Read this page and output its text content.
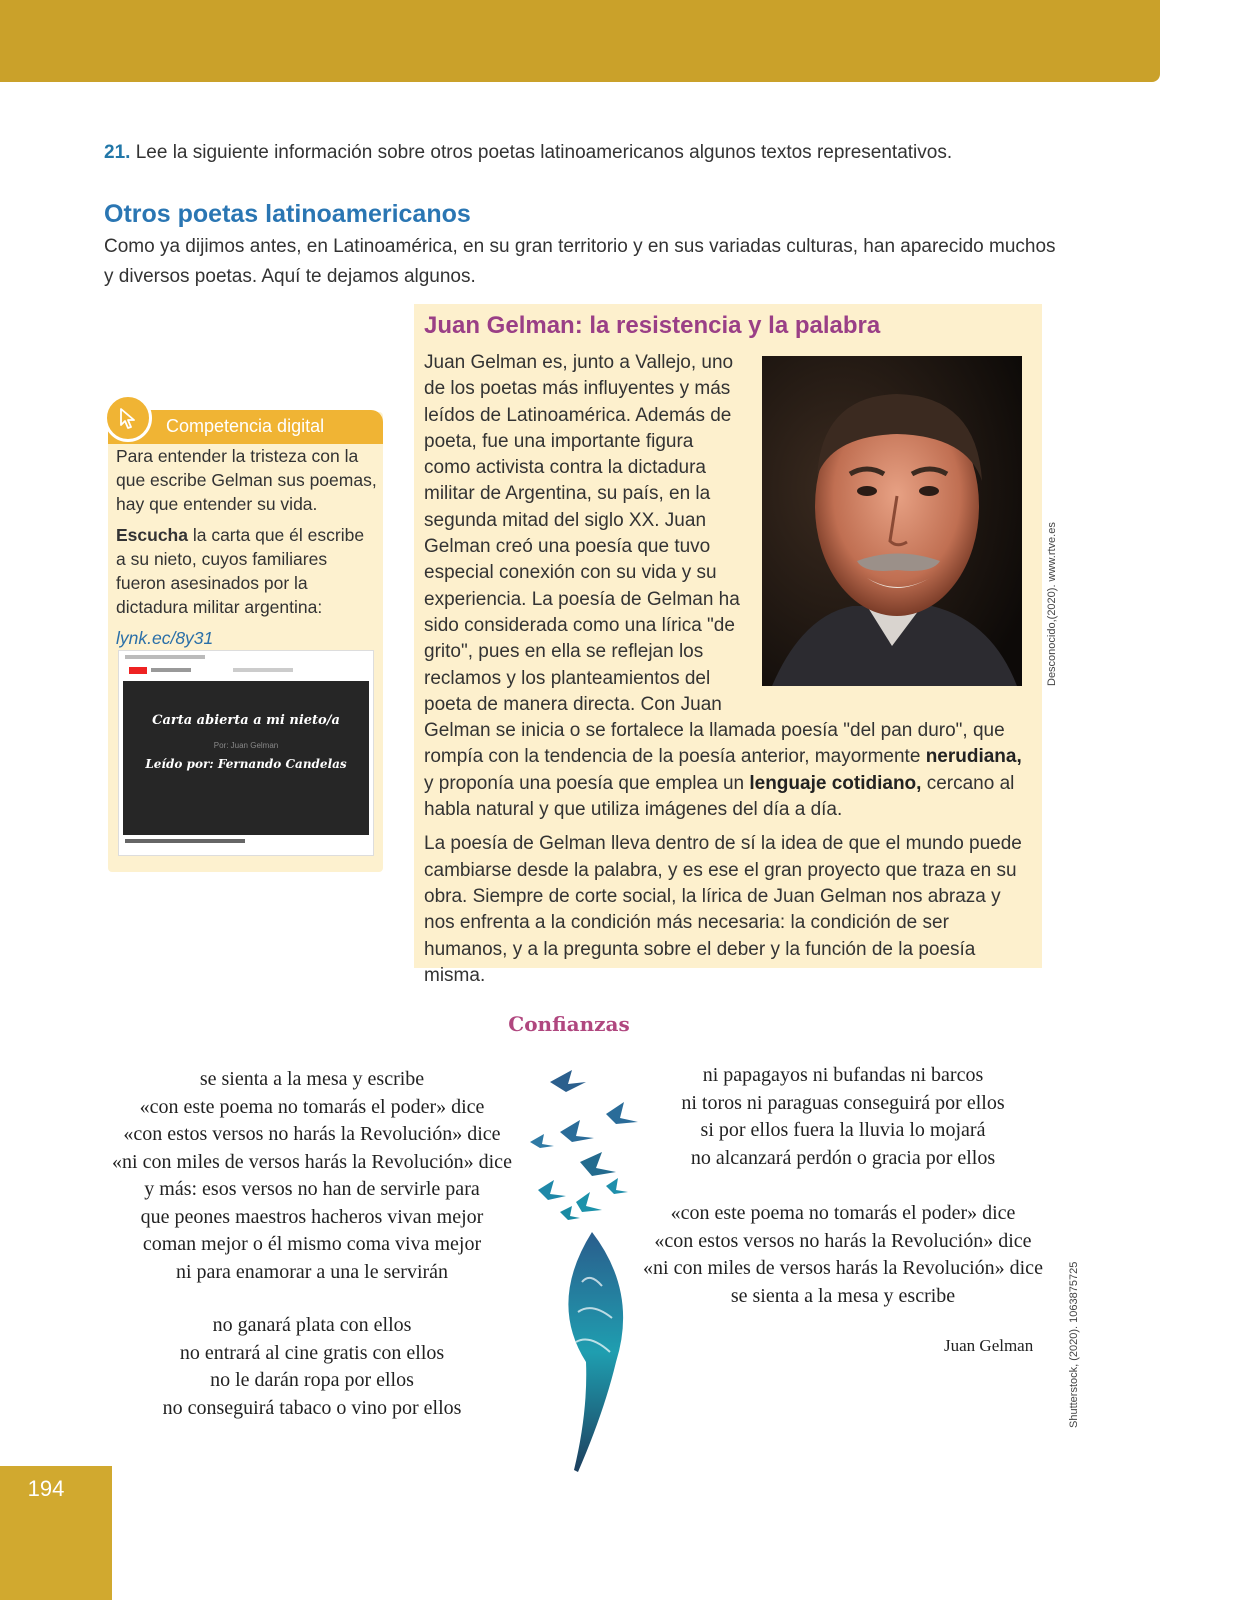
21. Lee la siguiente información sobre otros poetas latinoamericanos algunos textos representativos.
Otros poetas latinoamericanos
Como ya dijimos antes, en Latinoamérica, en su gran territorio y en sus variadas culturas, han aparecido muchos y diversos poetas. Aquí te dejamos algunos.
Competencia digital

Para entender la tristeza con la que escribe Gelman sus poemas, hay que entender su vida.

Escucha la carta que él escribe a su nieto, cuyos familiares fueron asesinados por la dictadura militar argentina:

lynk.ec/8y31

Carta abierta a mi nieto/a
Por: Juan Gelman
Leído por: Fernando Candelas
Juan Gelman: la resistencia y la palabra
Desconocido,(2020). www.rtve.es

Juan Gelman es, junto a Vallejo, uno de los poetas más influyentes y más leídos de Latinoamérica. Además de poeta, fue una importante figura como activista contra la dictadura militar de Argentina, su país, en la segunda mitad del siglo XX. Juan Gelman creó una poesía que tuvo especial conexión con su vida y su experiencia. La poesía de Gelman ha sido considerada como una lírica "de grito", pues en ella se reflejan los reclamos y los planteamientos del poeta de manera directa. Con Juan

Gelman se inicia o se fortalece la llamada poesía "del pan duro", que rompía con la tendencia de la poesía anterior, mayormente nerudiana, y proponía una poesía que emplea un lenguaje cotidiano, cercano al habla natural y que utiliza imágenes del día a día.

La poesía de Gelman lleva dentro de sí la idea de que el mundo puede cambiarse desde la palabra, y es ese el gran proyecto que traza en su obra. Siempre de corte social, la lírica de Juan Gelman nos abraza y nos enfrenta a la condición más necesaria: la condición de ser humanos, y a la pregunta sobre el deber y la función de la poesía misma.

Confianzas
se sienta a la mesa y escribe
«con este poema no tomarás el poder» dice
«con estos versos no harás la Revolución» dice
«ni con miles de versos harás la Revolución» dice
y más: esos versos no han de servirle para
que peones maestros hacheros vivan mejor
coman mejor o él mismo coma viva mejor
ni para enamorar a una le servirán
no ganará plata con ellos
no entrará al cine gratis con ellos
no le darán ropa por ellos
no conseguirá tabaco o vino por ellos
ni papagayos ni bufandas ni barcos
ni toros ni paraguas conseguirá por ellos
si por ellos fuera la lluvia lo mojará
no alcanzará perdón o gracia por ellos
«con este poema no tomarás el poder» dice
«con estos versos no harás la Revolución» dice
«ni con miles de versos harás la Revolución» dice
se sienta a la mesa y escribe
Juan Gelman	Shutterstock, (2020). 1063875725
194
